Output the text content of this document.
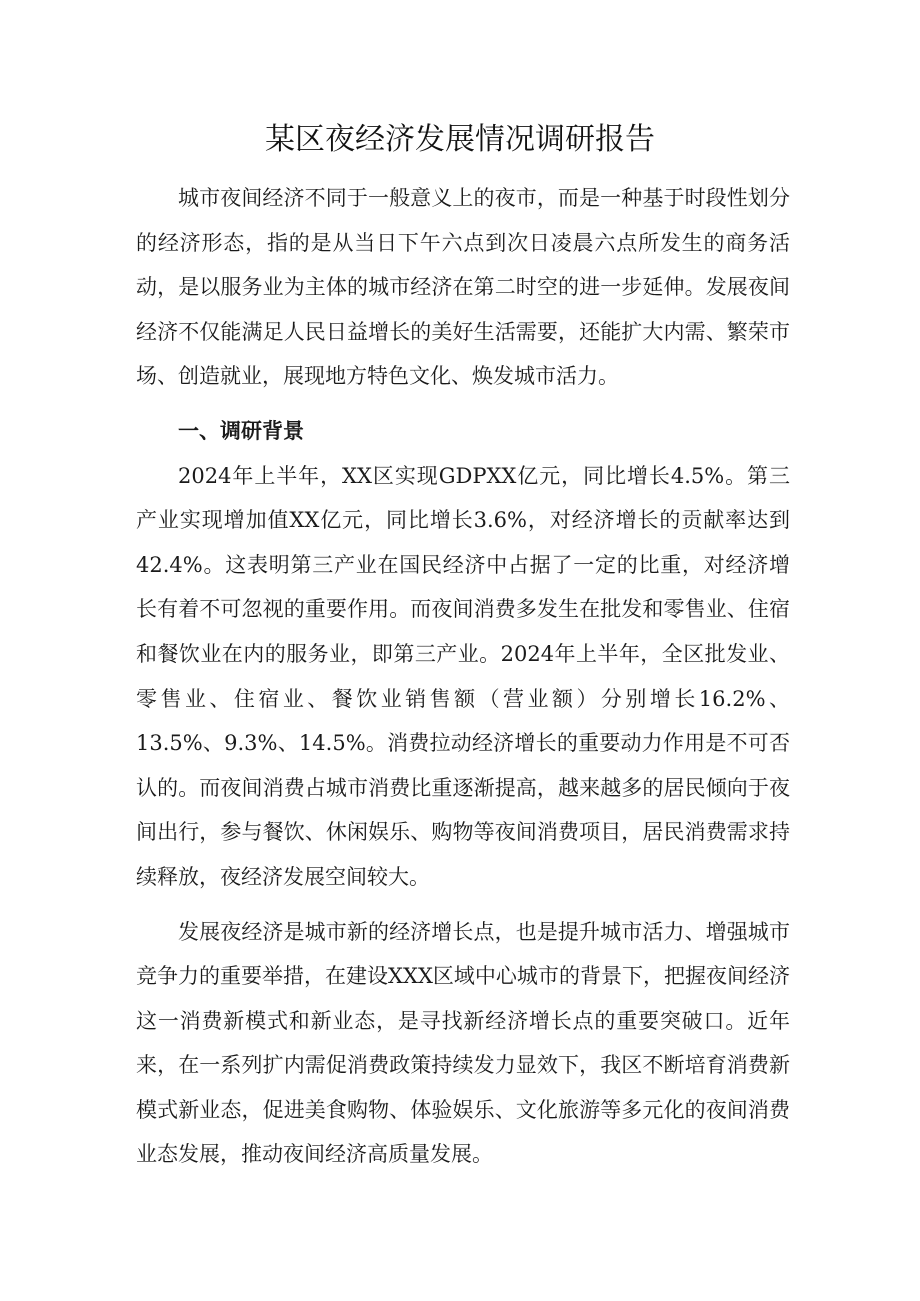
某区夜经济发展情况调研报告

城市夜间经济不同于一般意义上的夜市，而是一种基于时段性划分的经济形态，指的是从当日下午六点到次日凌晨六点所发生的商务活动，是以服务业为主体的城市经济在第二时空的进一步延伸。发展夜间经济不仅能满足人民日益增长的美好生活需要，还能扩大内需、繁荣市场、创造就业，展现地方特色文化、焕发城市活力。

一、调研背景

2024年上半年，XX区实现GDPXX亿元，同比增长4.5%。第三产业实现增加值XX亿元，同比增长3.6%，对经济增长的贡献率达到42.4%。这表明第三产业在国民经济中占据了一定的比重，对经济增长有着不可忽视的重要作用。而夜间消费多发生在批发和零售业、住宿和餐饮业在内的服务业，即第三产业。2024年上半年，全区批发业、零售业、住宿业、餐饮业销售额（营业额）分别增长16.2%、13.5%、9.3%、14.5%。消费拉动经济增长的重要动力作用是不可否认的。而夜间消费占城市消费比重逐渐提高，越来越多的居民倾向于夜间出行，参与餐饮、休闲娱乐、购物等夜间消费项目，居民消费需求持续释放，夜经济发展空间较大。

发展夜经济是城市新的经济增长点，也是提升城市活力、增强城市竞争力的重要举措，在建设XXX区域中心城市的背景下，把握夜间经济这一消费新模式和新业态，是寻找新经济增长点的重要突破口。近年来，在一系列扩内需促消费政策持续发力显效下，我区不断培育消费新模式新业态，促进美食购物、体验娱乐、文化旅游等多元化的夜间消费业态发展，推动夜间经济高质量发展。
